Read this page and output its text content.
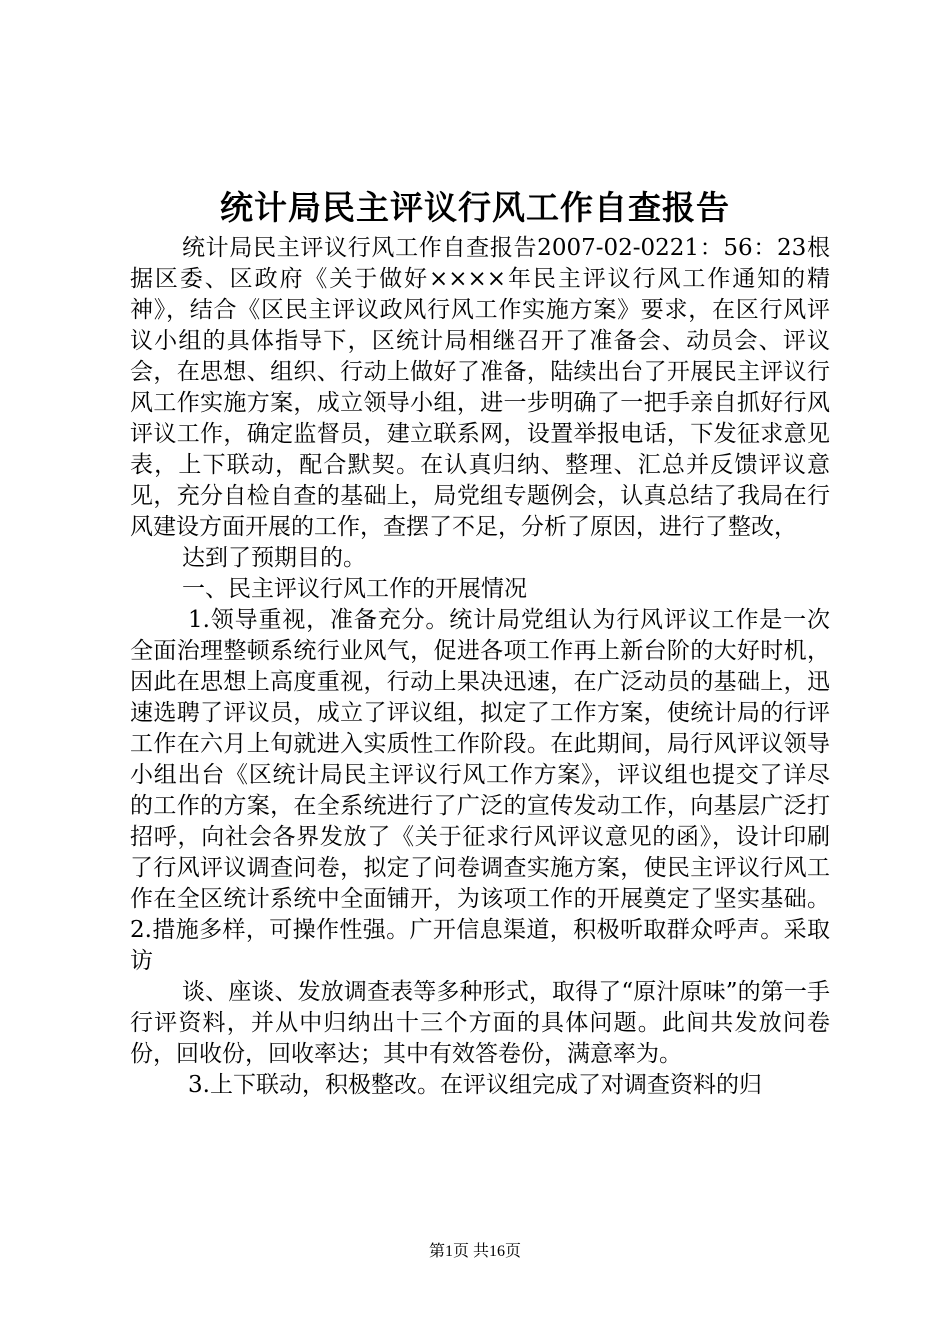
统计局民主评议行风工作自查报告

统计局民主评议行风工作自查报告2007-02-0221：56：23根据区委、区政府《关于做好××××年民主评议行风工作通知的精神》，结合《区民主评议政风行风工作实施方案》要求，在区行风评议小组的具体指导下，区统计局相继召开了准备会、动员会、评议会，在思想、组织、行动上做好了准备，陆续出台了开展民主评议行风工作实施方案，成立领导小组，进一步明确了一把手亲自抓好行风评议工作，确定监督员，建立联系网，设置举报电话，下发征求意见表，上下联动，配合默契。在认真归纳、整理、汇总并反馈评议意见，充分自检自查的基础上，局党组专题例会，认真总结了我局在行风建设方面开展的工作，查摆了不足，分析了原因，进行了整改，

达到了预期目的。

一、民主评议行风工作的开展情况

1.领导重视，准备充分。统计局党组认为行风评议工作是一次全面治理整顿系统行业风气，促进各项工作再上新台阶的大好时机，因此在思想上高度重视，行动上果决迅速，在广泛动员的基础上，迅速选聘了评议员，成立了评议组，拟定了工作方案，使统计局的行评工作在六月上旬就进入实质性工作阶段。在此期间，局行风评议领导小组出台《区统计局民主评议行风工作方案》，评议组也提交了详尽的工作的方案，在全系统进行了广泛的宣传发动工作，向基层广泛打招呼，向社会各界发放了《关于征求行风评议意见的函》，设计印刷了行风评议调查问卷，拟定了问卷调查实施方案，使民主评议行风工作在全区统计系统中全面铺开，为该项工作的开展奠定了坚实基础。 2.措施多样，可操作性强。广开信息渠道，积极听取群众呼声。采取访

谈、座谈、发放调查表等多种形式，取得了“原汁原味”的第一手行评资料，并从中归纳出十三个方面的具体问题。此间共发放问卷份，回收份，回收率达；其中有效答卷份，满意率为。

3.上下联动，积极整改。在评议组完成了对调查资料的归

第1页 共16页
